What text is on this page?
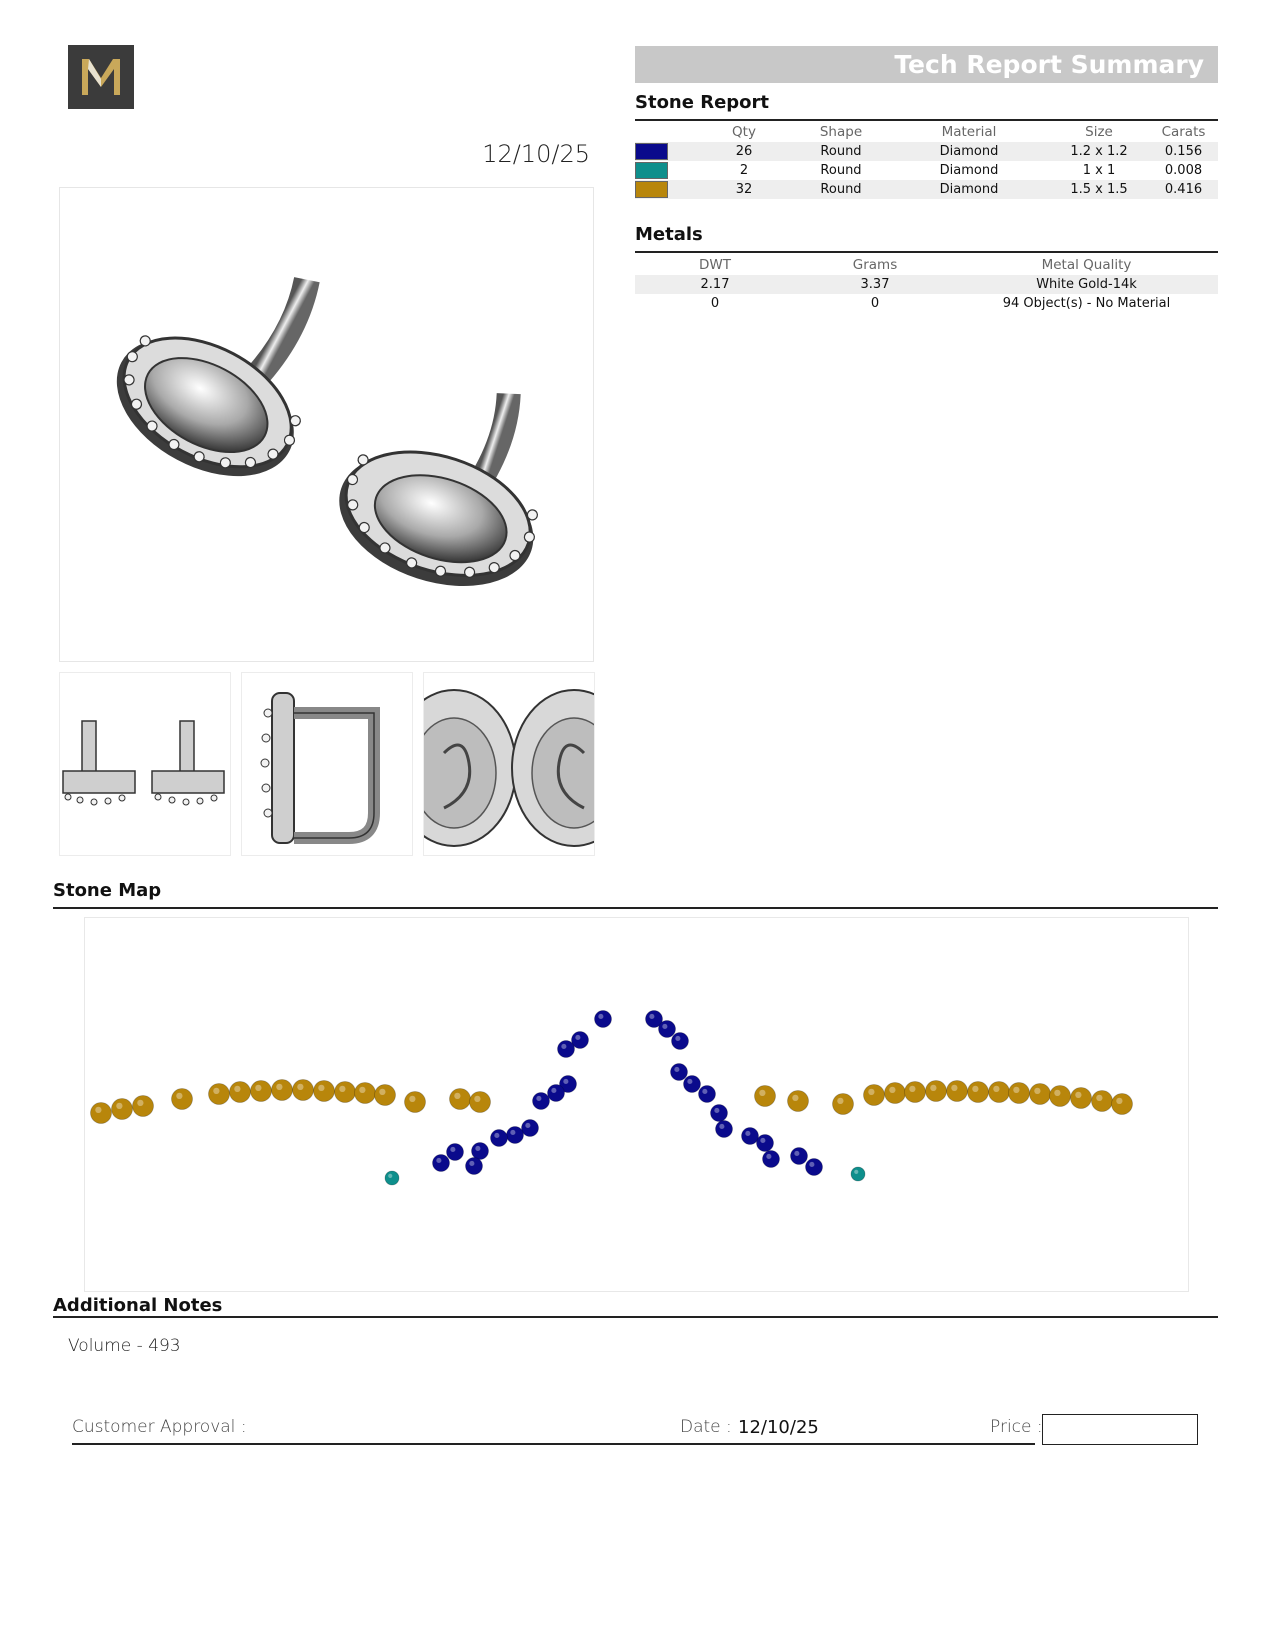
12/10/25
Tech Report Summary
Stone Report
	Qty	Shape	Material	Size	Carats
	26	Round	Diamond	1.2 x 1.2	0.156
	2	Round	Diamond	1 x 1	0.008
	32	Round	Diamond	1.5 x 1.5	0.416
Metals
DWT	Grams	Metal Quality
2.17	3.37	White Gold-14k
0	0	94 Object(s) - No Material
Stone Map
Additional Notes
Volume - 493
Customer Approval :	Date : 12/10/25	Price :
